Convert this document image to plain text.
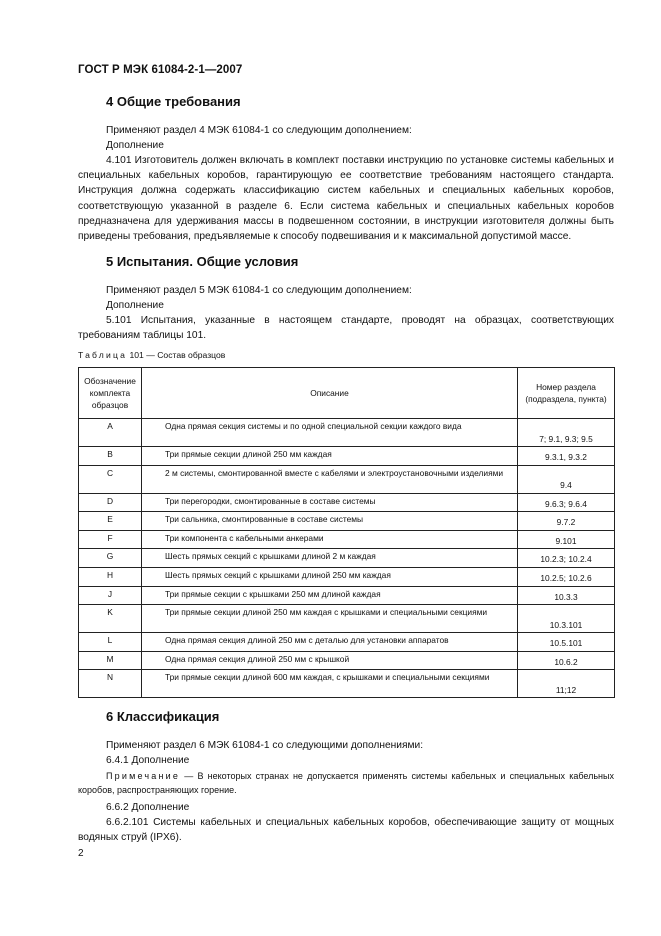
ГОСТ Р МЭК 61084-2-1—2007
4 Общие требования
Применяют раздел 4 МЭК 61084-1 со следующим дополнением:
Дополнение
4.101 Изготовитель должен включать в комплект поставки инструкцию по установке системы кабельных и специальных кабельных коробов, гарантирующую ее соответствие требованиям настоящего стандарта. Инструкция должна содержать классификацию систем кабельных и специальных кабельных коробов, соответствующую указанной в разделе 6. Если система кабельных и специальных кабельных коробов предназначена для удерживания массы в подвешенном состоянии, в инструкции изготовителя должны быть приведены требования, предъявляемые к способу подвешивания и к максимальной допустимой массе.
5 Испытания. Общие условия
Применяют раздел 5 МЭК 61084-1 со следующим дополнением:
Дополнение
5.101 Испытания, указанные в настоящем стандарте, проводят на образцах, соответствующих требованиям таблицы 101.
Таблица 101 — Состав образцов
Обозначение комплекта образцов	Описание	Номер раздела (подраздела, пункта)
A	Одна прямая секция системы и по одной специальной секции каждого вида	7; 9.1, 9.3; 9.5
B	Три прямые секции длиной 250 мм каждая	9.3.1, 9.3.2
C	2 м системы, смонтированной вместе с кабелями и электроустановочными изделиями	9.4
D	Три перегородки, смонтированные в составе системы	9.6.3; 9.6.4
E	Три сальника, смонтированные в составе системы	9.7.2
F	Три компонента с кабельными анкерами	9.101
G	Шесть прямых секций с крышками длиной 2 м каждая	10.2.3; 10.2.4
H	Шесть прямых секций с крышками длиной 250 мм каждая	10.2.5; 10.2.6
J	Три прямые секции с крышками 250 мм длиной каждая	10.3.3
K	Три прямые секции длиной 250 мм каждая с крышками и специальными секциями	10.3.101
L	Одна прямая секция длиной 250 мм с деталью для установки аппаратов	10.5.101
M	Одна прямая секция длиной 250 мм с крышкой	10.6.2
N	Три прямые секции длиной 600 мм каждая, с крышками и специальными секциями	11;12
6 Классификация
Применяют раздел 6 МЭК 61084-1 со следующими дополнениями:
6.4.1 Дополнение
Примечание — В некоторых странах не допускается применять системы кабельных и специальных кабельных коробов, распространяющих горение.
6.6.2 Дополнение
6.6.2.101 Системы кабельных и специальных кабельных коробов, обеспечивающие защиту от мощных водяных струй (IPX6).
2
